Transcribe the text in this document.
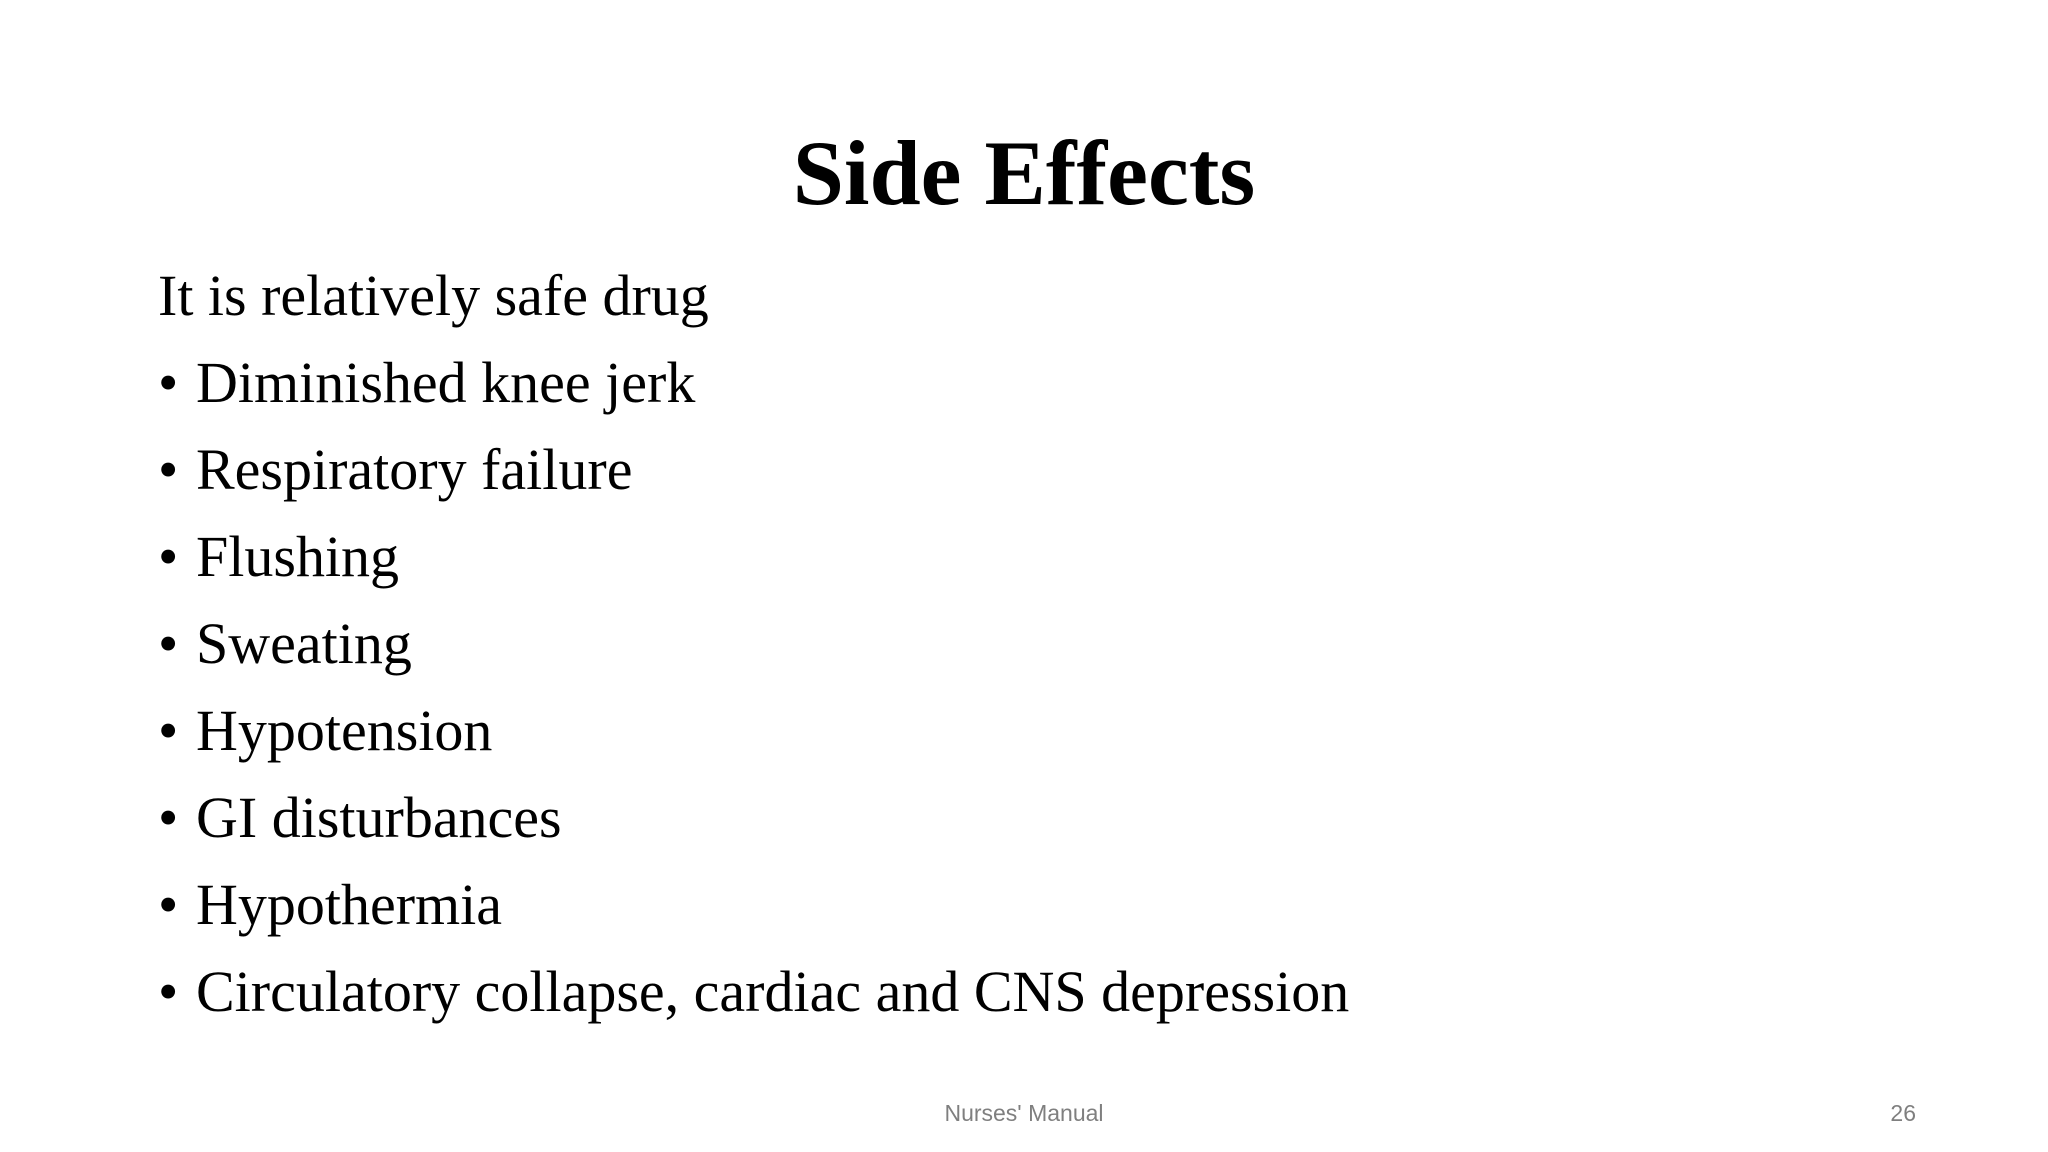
Side Effects
It is relatively safe drug
• Diminished knee jerk
• Respiratory failure
• Flushing
• Sweating
• Hypotension
• GI disturbances
• Hypothermia
• Circulatory collapse, cardiac and CNS depression
Nurses' Manual	26
